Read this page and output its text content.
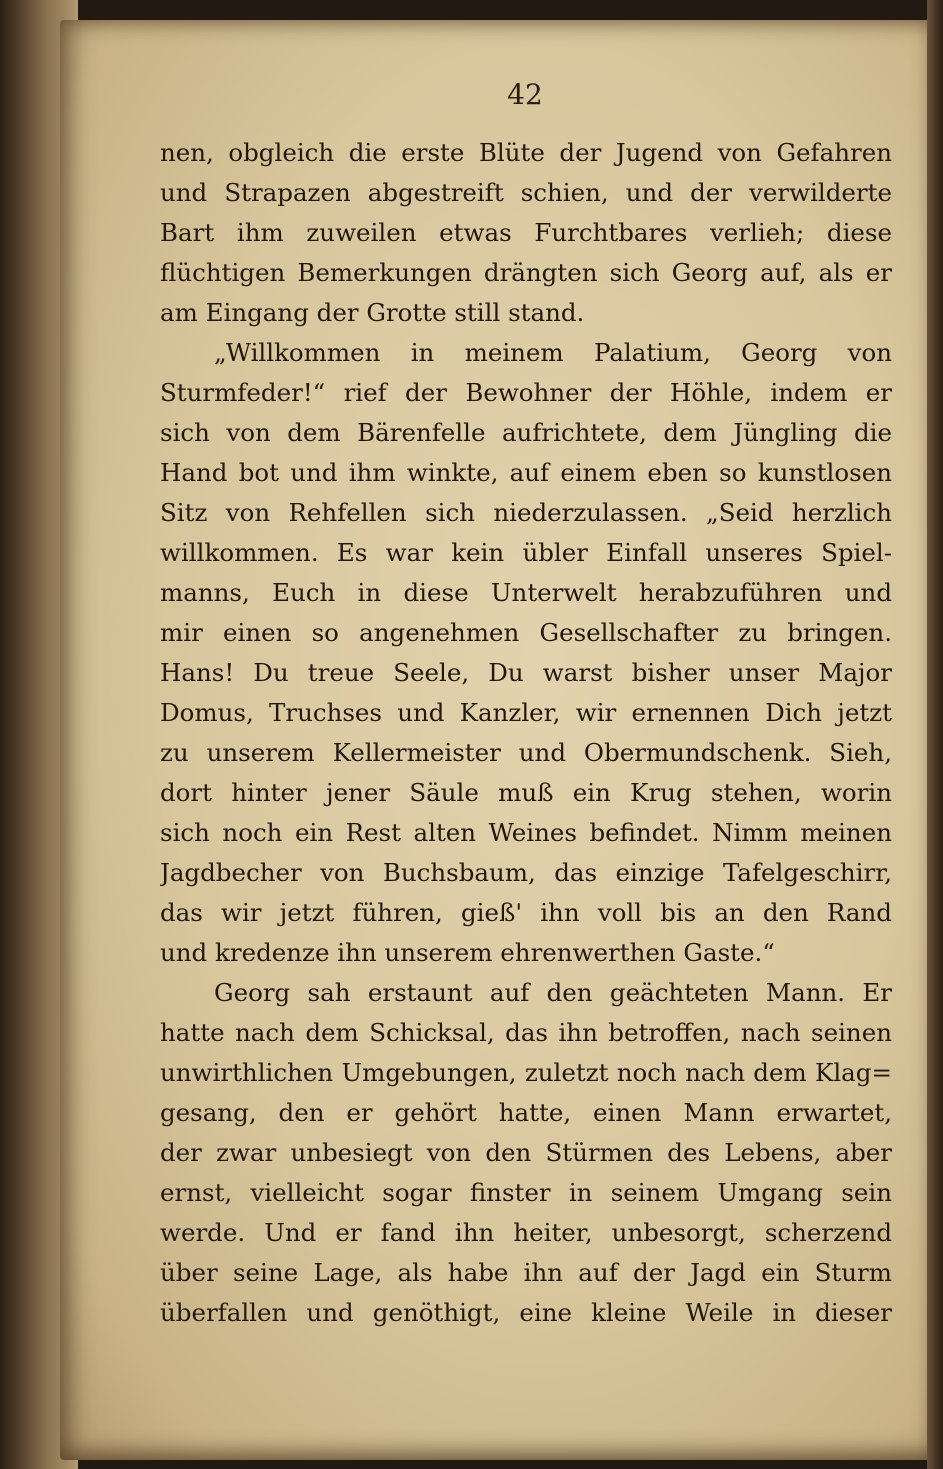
42
nen, obgleich die erste Blüte der Jugend von Gefahren
und Strapazen abgestreift schien, und der verwilderte
Bart ihm zuweilen etwas Furchtbares verlieh; diese
flüchtigen Bemerkungen drängten sich Georg auf, als er
am Eingang der Grotte still stand.
„Willkommen in meinem Palatium, Georg von
Sturmfeder!“ rief der Bewohner der Höhle, indem er
sich von dem Bärenfelle aufrichtete, dem Jüngling die
Hand bot und ihm winkte, auf einem eben so kunstlosen
Sitz von Rehfellen sich niederzulassen. „Seid herzlich
willkommen. Es war kein übler Einfall unseres Spiel-
manns, Euch in diese Unterwelt herabzuführen und
mir einen so angenehmen Gesellschafter zu bringen.
Hans! Du treue Seele, Du warst bisher unser Major
Domus, Truchses und Kanzler, wir ernennen Dich jetzt
zu unserem Kellermeister und Obermundschenk. Sieh,
dort hinter jener Säule muß ein Krug stehen, worin
sich noch ein Rest alten Weines befindet. Nimm meinen
Jagdbecher von Buchsbaum, das einzige Tafelgeschirr,
das wir jetzt führen, gieß' ihn voll bis an den Rand
und kredenze ihn unserem ehrenwerthen Gaste.“
Georg sah erstaunt auf den geächteten Mann. Er
hatte nach dem Schicksal, das ihn betroffen, nach seinen
unwirthlichen Umgebungen, zuletzt noch nach dem Klag=
gesang, den er gehört hatte, einen Mann erwartet,
der zwar unbesiegt von den Stürmen des Lebens, aber
ernst, vielleicht sogar finster in seinem Umgang sein
werde. Und er fand ihn heiter, unbesorgt, scherzend
über seine Lage, als habe ihn auf der Jagd ein Sturm
überfallen und genöthigt, eine kleine Weile in dieser
